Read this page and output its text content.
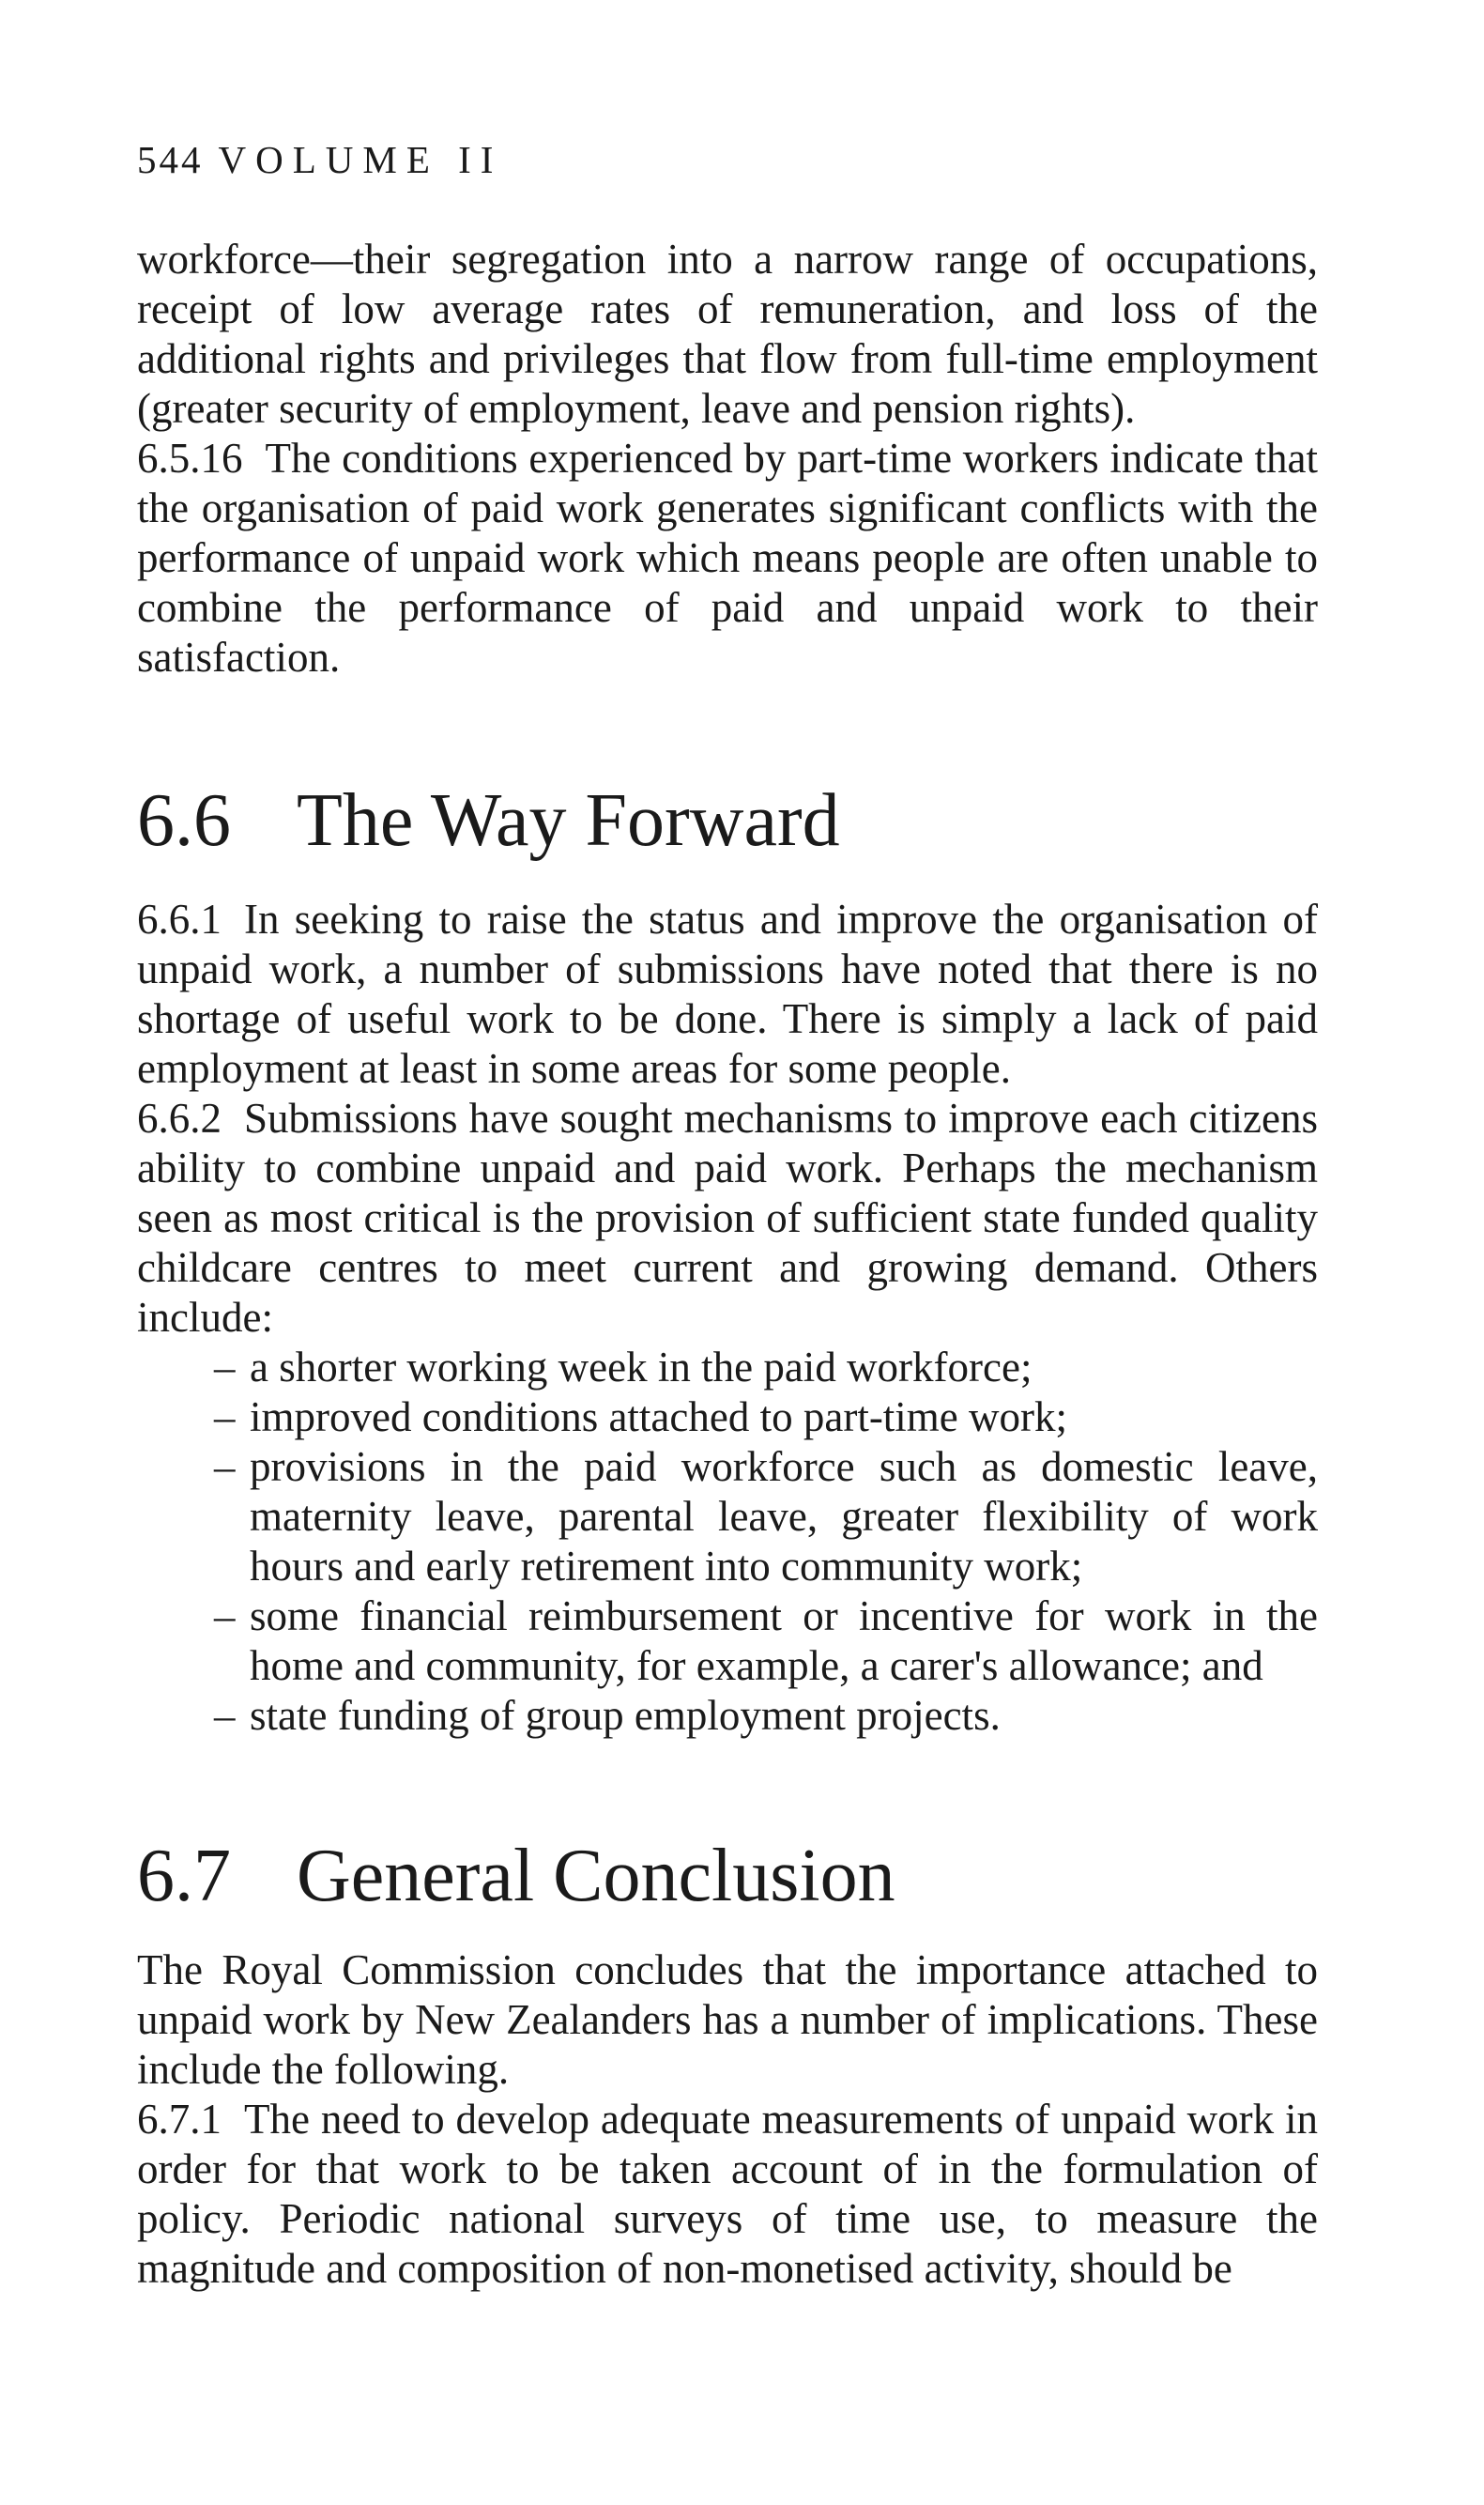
544 VOLUME II

workforce—their segregation into a narrow range of occupations, receipt of low average rates of remuneration, and loss of the additional rights and privileges that flow from full-time employment (greater security of employment, leave and pension rights).

6.5.16 The conditions experienced by part-time workers indicate that the organisation of paid work generates significant conflicts with the performance of unpaid work which means people are often unable to combine the performance of paid and unpaid work to their satisfaction.

6.6 The Way Forward

6.6.1 In seeking to raise the status and improve the organisation of unpaid work, a number of submissions have noted that there is no shortage of useful work to be done. There is simply a lack of paid employment at least in some areas for some people.

6.6.2 Submissions have sought mechanisms to improve each citizens ability to combine unpaid and paid work. Perhaps the mechanism seen as most critical is the provision of sufficient state funded quality childcare centres to meet current and growing demand. Others include:

– a shorter working week in the paid workforce;
– improved conditions attached to part-time work;
– provisions in the paid workforce such as domestic leave, maternity leave, parental leave, greater flexibility of work hours and early retirement into community work;
– some financial reimbursement or incentive for work in the home and community, for example, a carer's allowance; and
– state funding of group employment projects.
6.7 General Conclusion

The Royal Commission concludes that the importance attached to unpaid work by New Zealanders has a number of implications. These include the following.

6.7.1 The need to develop adequate measurements of unpaid work in order for that work to be taken account of in the formulation of policy. Periodic national surveys of time use, to measure the magnitude and composition of non-monetised activity, should be
